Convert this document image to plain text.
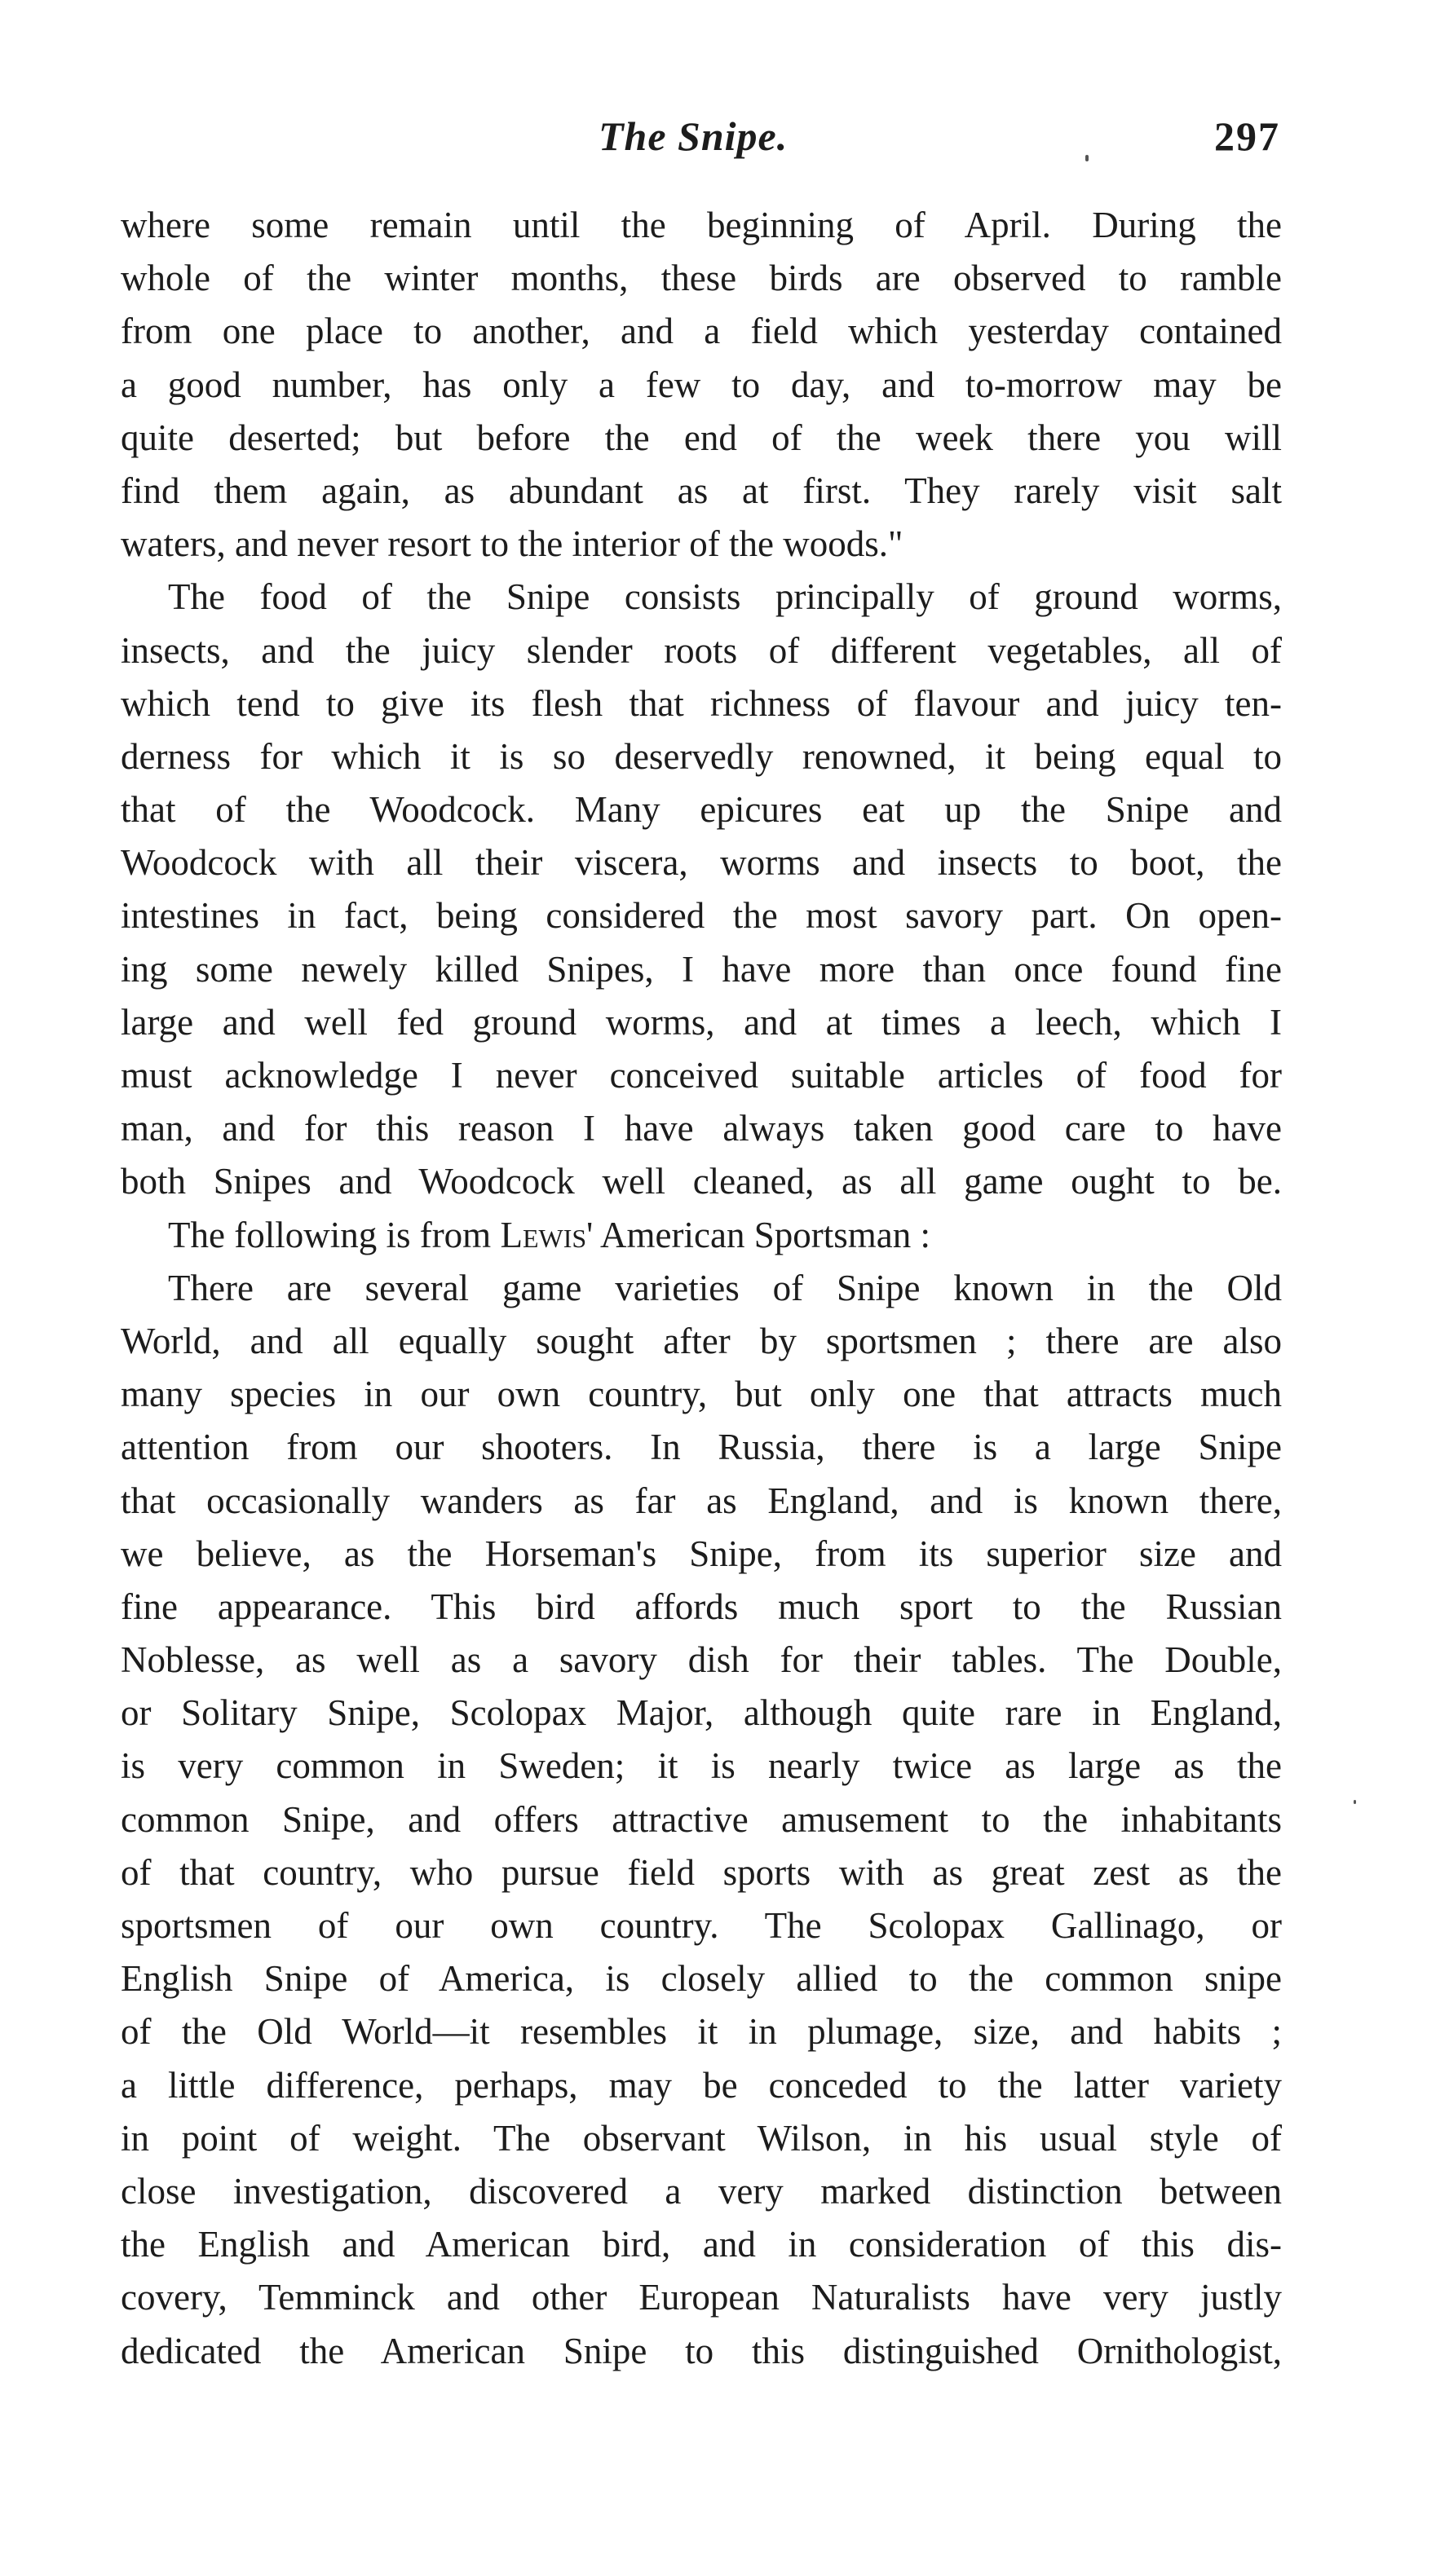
The Snipe.	297
where some remain until the beginning of April. During the
whole of the winter months, these birds are observed to ramble
from one place to another, and a field which yesterday contained
a good number, has only a few to day, and to-morrow may be
quite deserted; but before the end of the week there you will
find them again, as abundant as at first. They rarely visit salt
waters, and never resort to the interior of the woods."
The food of the Snipe consists principally of ground worms,
insects, and the juicy slender roots of different vegetables, all of
which tend to give its flesh that richness of flavour and juicy ten-
derness for which it is so deservedly renowned, it being equal to
that of the Woodcock. Many epicures eat up the Snipe and
Woodcock with all their viscera, worms and insects to boot, the
intestines in fact, being considered the most savory part. On open-
ing some newely killed Snipes, I have more than once found fine
large and well fed ground worms, and at times a leech, which I
must acknowledge I never conceived suitable articles of food for
man, and for this reason I have always taken good care to have
both Snipes and Woodcock well cleaned, as all game ought to be.
The following is from Lewis' American Sportsman :
There are several game varieties of Snipe known in the Old
World, and all equally sought after by sportsmen ; there are also
many species in our own country, but only one that attracts much
attention from our shooters. In Russia, there is a large Snipe
that occasionally wanders as far as England, and is known there,
we believe, as the Horseman's Snipe, from its superior size and
fine appearance. This bird affords much sport to the Russian
Noblesse, as well as a savory dish for their tables. The Double,
or Solitary Snipe, Scolopax Major, although quite rare in England,
is very common in Sweden; it is nearly twice as large as the
common Snipe, and offers attractive amusement to the inhabitants
of that country, who pursue field sports with as great zest as the
sportsmen of our own country. The Scolopax Gallinago, or
English Snipe of America, is closely allied to the common snipe
of the Old World—it resembles it in plumage, size, and habits ;
a little difference, perhaps, may be conceded to the latter variety
in point of weight. The observant Wilson, in his usual style of
close investigation, discovered a very marked distinction between
the English and American bird, and in consideration of this dis-
covery, Temminck and other European Naturalists have very justly
dedicated the American Snipe to this distinguished Ornithologist,
